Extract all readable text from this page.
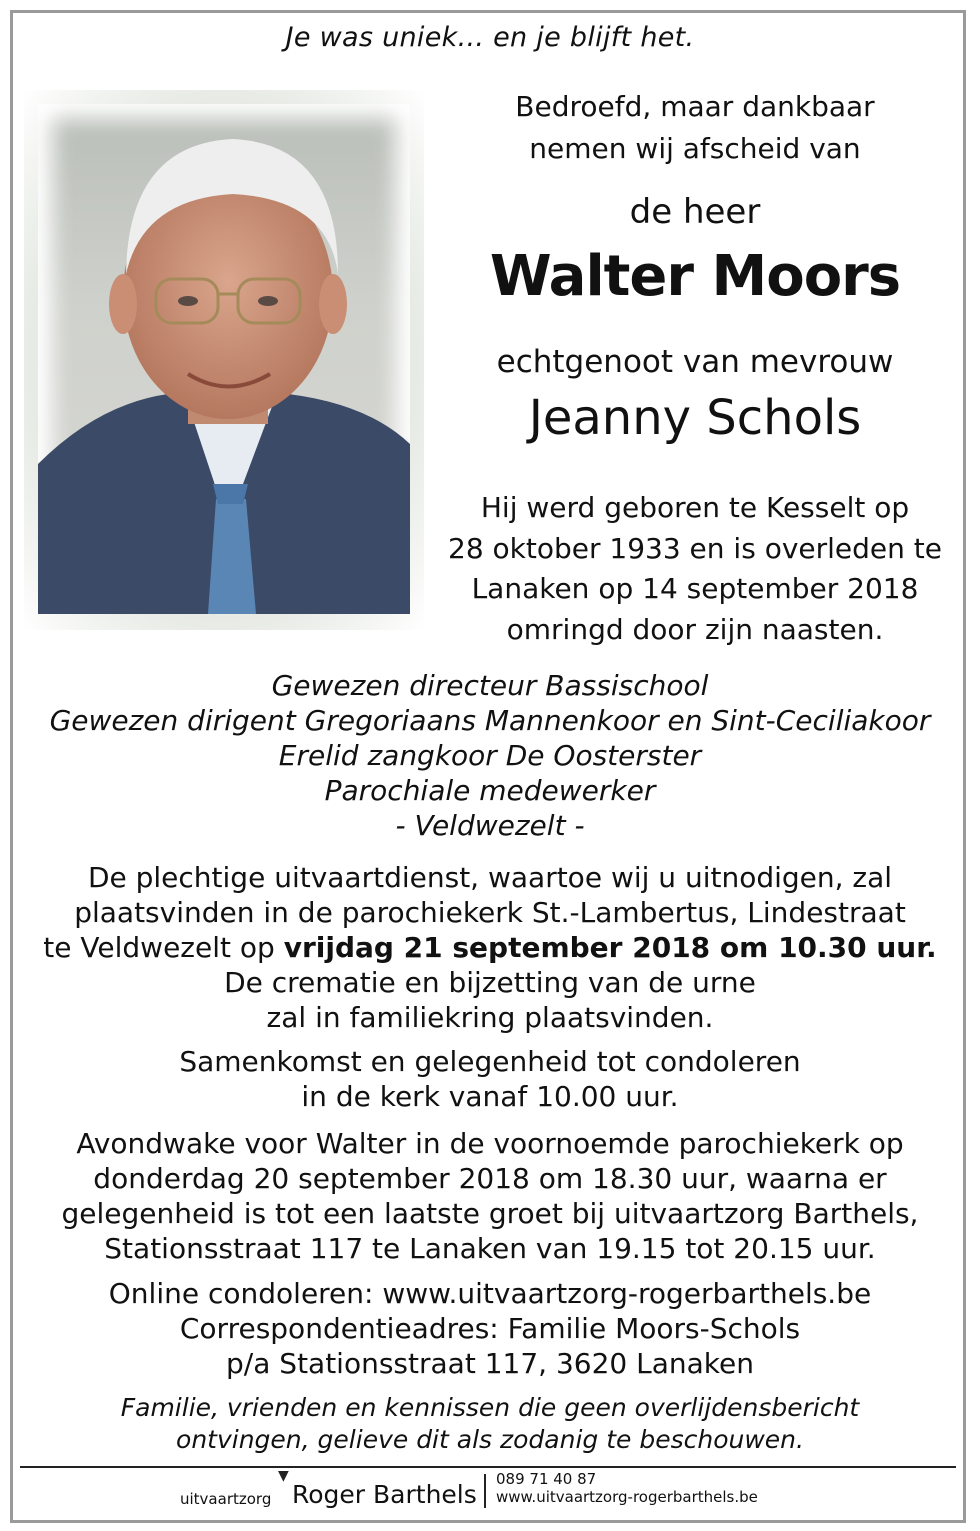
Je was uniek... en je blijft het.

Bedroefd, maar dankbaar
nemen wij afscheid van
de heer
Walter Moors
echtgenoot van mevrouw
Jeanny Schols
Hij werd geboren te Kesselt op
28 oktober 1933 en is overleden te
Lanaken op 14 september 2018
omringd door zijn naasten.
Gewezen directeur Bassischool
Gewezen dirigent Gregoriaans Mannenkoor en Sint-Ceciliakoor
Erelid zangkoor De Oosterster
Parochiale medewerker
- Veldwezelt -
De plechtige uitvaartdienst, waartoe wij u uitnodigen, zal
plaatsvinden in de parochiekerk St.-Lambertus, Lindestraat
te Veldwezelt op vrijdag 21 september 2018 om 10.30 uur.
De crematie en bijzetting van de urne
zal in familiekring plaatsvinden.
Samenkomst en gelegenheid tot condoleren
in de kerk vanaf 10.00 uur.
Avondwake voor Walter in de voornoemde parochiekerk op
donderdag 20 september 2018 om 18.30 uur, waarna er
gelegenheid is tot een laatste groet bij uitvaartzorg Barthels,
Stationsstraat 117 te Lanaken van 19.15 tot 20.15 uur.
Online condoleren: www.uitvaartzorg-rogerbarthels.be
Correspondentieadres: Familie Moors-Schols
p/a Stationsstraat 117, 3620 Lanaken
Familie, vrienden en kennissen die geen overlijdensbericht
ontvingen, gelieve dit als zodanig te beschouwen.
uitvaartzorg
▼
Roger Barthels
089 71 40 87
www.uitvaartzorg-rogerbarthels.be
